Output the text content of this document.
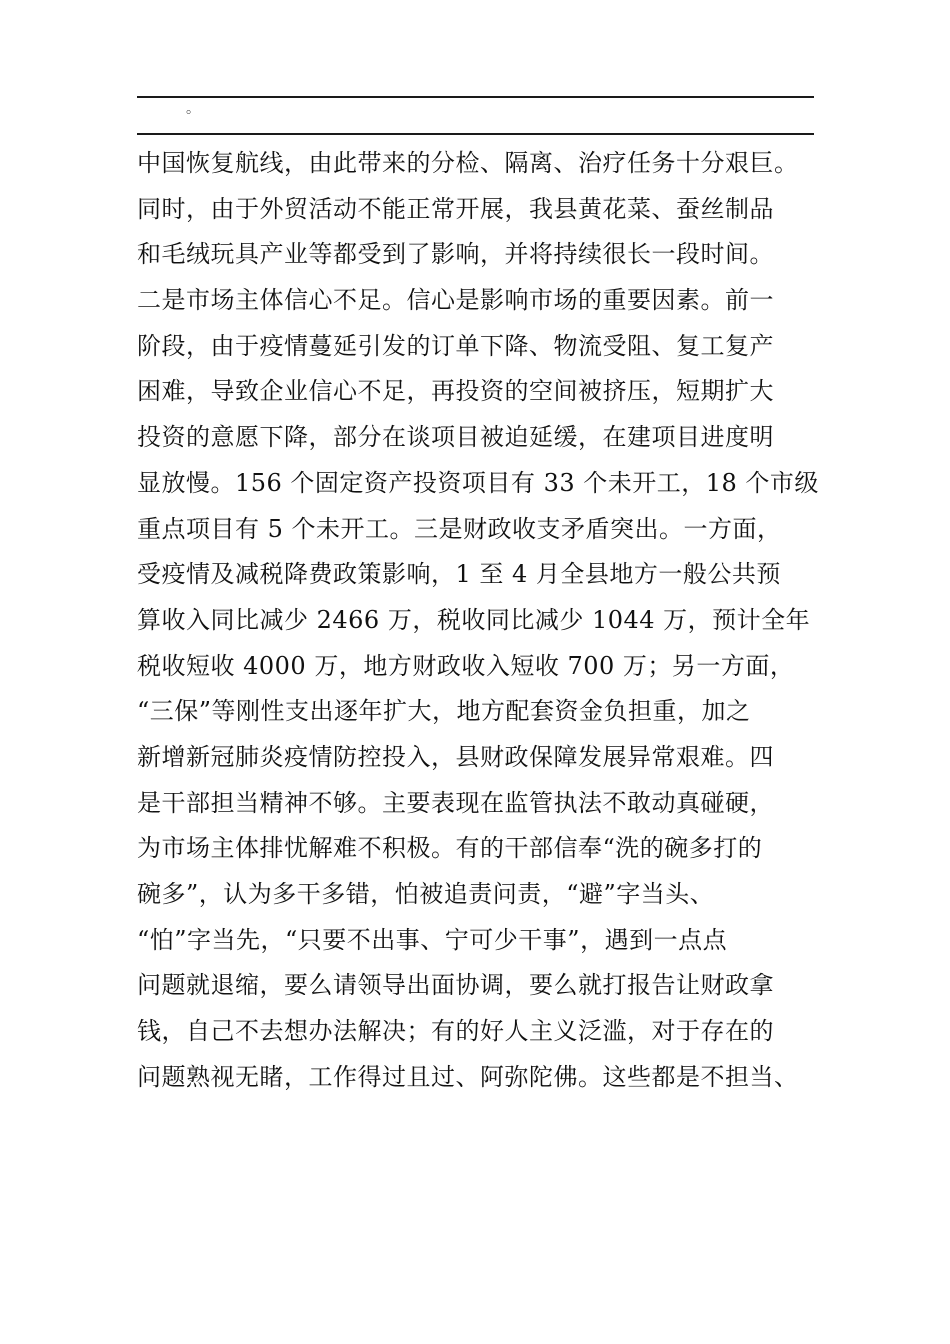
。
中国恢复航线，由此带来的分检、隔离、治疗任务十分艰巨。
同时，由于外贸活动不能正常开展，我县黄花菜、蚕丝制品
和毛绒玩具产业等都受到了影响，并将持续很长一段时间。
二是市场主体信心不足。信心是影响市场的重要因素。前一
阶段，由于疫情蔓延引发的订单下降、物流受阻、复工复产
困难，导致企业信心不足，再投资的空间被挤压，短期扩大
投资的意愿下降，部分在谈项目被迫延缓，在建项目进度明
显放慢。156 个固定资产投资项目有 33 个未开工，18 个市级
重点项目有 5 个未开工。三是财政收支矛盾突出。一方面，
受疫情及减税降费政策影响，1 至 4 月全县地方一般公共预
算收入同比减少 2466 万，税收同比减少 1044 万，预计全年
税收短收 4000 万，地方财政收入短收 700 万；另一方面，
“三保”等刚性支出逐年扩大，地方配套资金负担重，加之
新增新冠肺炎疫情防控投入，县财政保障发展异常艰难。四
是干部担当精神不够。主要表现在监管执法不敢动真碰硬，
为市场主体排忧解难不积极。有的干部信奉“洗的碗多打的
碗多”，认为多干多错，怕被追责问责，“避”字当头、
“怕”字当先，“只要不出事、宁可少干事”，遇到一点点
问题就退缩，要么请领导出面协调，要么就打报告让财政拿
钱，自己不去想办法解决；有的好人主义泛滥，对于存在的
问题熟视无睹，工作得过且过、阿弥陀佛。这些都是不担当、
